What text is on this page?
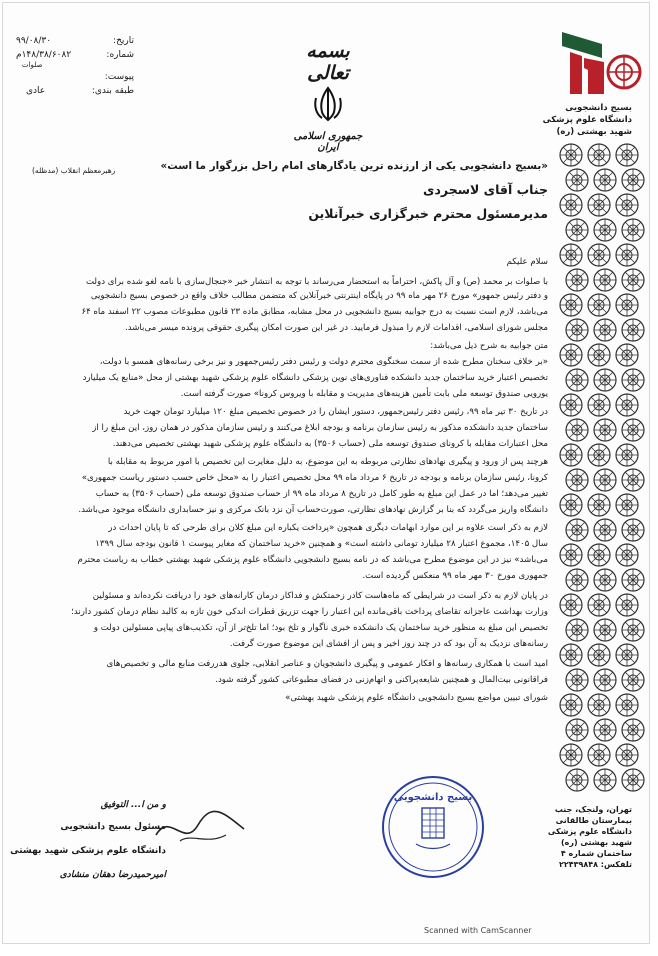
بسیج دانشجویی
دانشگاه علوم پزشکی
شهید بهشتی (ره)
تهران، ولنجک، جنب
بیمارستان طالقانی
دانشگاه علوم پزشکی
شهید بهشتی (ره)
ساختمان شماره ۴
تلفکس: ۲۲۴۳۹۸۴۸
بسمه تعالی
جمهوری اسلامی ایران
تاریخ:
۹۹/۰۸/۳۰
شماره:
۱۴۸/۳۸/۶۰۸۲م
صلوات
پیوست:
طبقه بندی:
عادی
رهبرمعظم انقلاب (مدظله)	«بسیج دانشجویی یکی از ارزنده ترین یادگارهای امام راحل بزرگوار ما است»
جناب آقای لاسجردی
مدیرمسئول محترم خبرگزاری خبرآنلاین
سلام علیکم
با صلوات بر محمد (ص) و آل پاکش، احتراماً به استحضار می‌رساند با توجه به انتشار خبر «جنجال‌سازی با نامه لغو شده برای دولت
و دفتر رئیس جمهور» مورخ ۲۶ مهر ماه ۹۹ در پایگاه اینترنتی خبرآنلاین که متضمن مطالب خلاف واقع در خصوص بسیج دانشجویی
می‌باشد، لازم است نسبت به درج جوابیه بسیج دانشجویی در محل مشابه، مطابق ماده ۲۳ قانون مطبوعات مصوب ۲۲ اسفند ماه ۶۴
مجلس شورای اسلامی، اقدامات لازم را مبذول فرمایید. در غیر این صورت امکان پیگیری حقوقی پرونده میسر می‌باشد.
متن جوابیه به شرح ذیل می‌باشد:
«بر خلاف سخنان مطرح شده از سمت سخنگوی محترم دولت و رئیس دفتر رئیس‌جمهور و نیز برخی رسانه‌های همسو با دولت،
تخصیص اعتبار خرید ساختمان جدید دانشکده فناوری‌های نوین پزشکی دانشگاه علوم پزشکی شهید بهشتی از محل «منابع یک میلیارد
یورویی صندوق توسعه ملی بابت تأمین هزینه‌های مدیریت و مقابله با ویروس کرونا» صورت گرفته است.
در تاریخ ۳۰ تیر ماه ۹۹، رئیس دفتر رئیس‌جمهور، دستور ایشان را در خصوص تخصیص مبلغ ۱۲۰ میلیارد تومان جهت خرید
ساختمان جدید دانشکده مذکور به رئیس سازمان برنامه و بودجه ابلاغ می‌کنند و رئیس سازمان مذکور در همان روز، این مبلغ را از
محل اعتبارات مقابله با کرونای صندوق توسعه ملی (حساب ۳۵۰۶) به دانشگاه علوم پزشکی شهید بهشتی تخصیص می‌دهند.
هرچند پس از ورود و پیگیری نهادهای نظارتی مربوطه به این موضوع، به دلیل مغایرت این تخصیص با امور مربوط به مقابله با
کرونا، رئیس سازمان برنامه و بودجه در تاریخ ۶ مرداد ماه ۹۹ محل تخصیص اعتبار را به «محل خاص حسب دستور ریاست جمهوری»
تغییر می‌دهد؛ اما در عمل این مبلغ به طور کامل در تاریخ ۸ مرداد ماه ۹۹ از حساب صندوق توسعه ملی (حساب ۳۵۰۶) به حساب
دانشگاه واریز می‌گردد که بنا بر گزارش نهادهای نظارتی، صورت‌حساب آن نزد بانک مرکزی و نیز حسابداری دانشگاه موجود می‌باشد.
لازم به ذکر است علاوه بر این موارد ابهامات دیگری همچون «پرداخت یکباره این مبلغ کلان برای طرحی که تا پایان احداث در
سال ۱۴۰۵، مجموع اعتبار ۲۸ میلیارد تومانی داشته است» و همچنین «خرید ساختمان که مغایر پیوست ۱ قانون بودجه سال ۱۳۹۹
می‌باشد» نیز در این موضوع مطرح می‌باشد که در نامه بسیج دانشجویی دانشگاه علوم پزشکی شهید بهشتی خطاب به ریاست محترم
جمهوری مورخ ۳۰ مهر ماه ۹۹ منعکس گردیده است.
در پایان لازم به ذکر است در شرایطی که ماه‌هاست کادر زحمتکش و فداکار درمان کارانه‌های خود را دریافت نکرده‌اند و مسئولین
وزارت بهداشت عاجزانه تقاضای پرداخت باقی‌مانده این اعتبار را جهت تزریق قطرات اندکی خون تازه به کالبد نظام درمان کشور دارند؛
تخصیص این مبلغ به منظور خرید ساختمان یک دانشکده خبری ناگوار و تلخ بود؛ اما تلخ‌تر از آن، تکذیب‌های پیاپی مسئولین دولت و
رسانه‌های نزدیک به آن بود که در چند روز اخیر و پس از افشای این موضوع صورت گرفت.
امید است با همکاری رسانه‌ها و افکار عمومی و پیگیری دانشجویان و عناصر انقلابی، جلوی هدررفت منابع مالی و تخصیص‌های
فراقانونی بیت‌المال و همچنین شایعه‌پراکنی و اتهام‌زنی در فضای مطبوعاتی کشور گرفته شود.
شورای تبیین مواضع بسیج دانشجویی دانشگاه علوم پزشکی شهید بهشتی»
و من ا... التوفیق
مسئول بسیج دانشجویی
دانشگاه علوم پزشکی شهید بهشتی
امیرحمیدرضا دهقان منشادی
بسیج دانشجویی
Scanned with CamScanner
